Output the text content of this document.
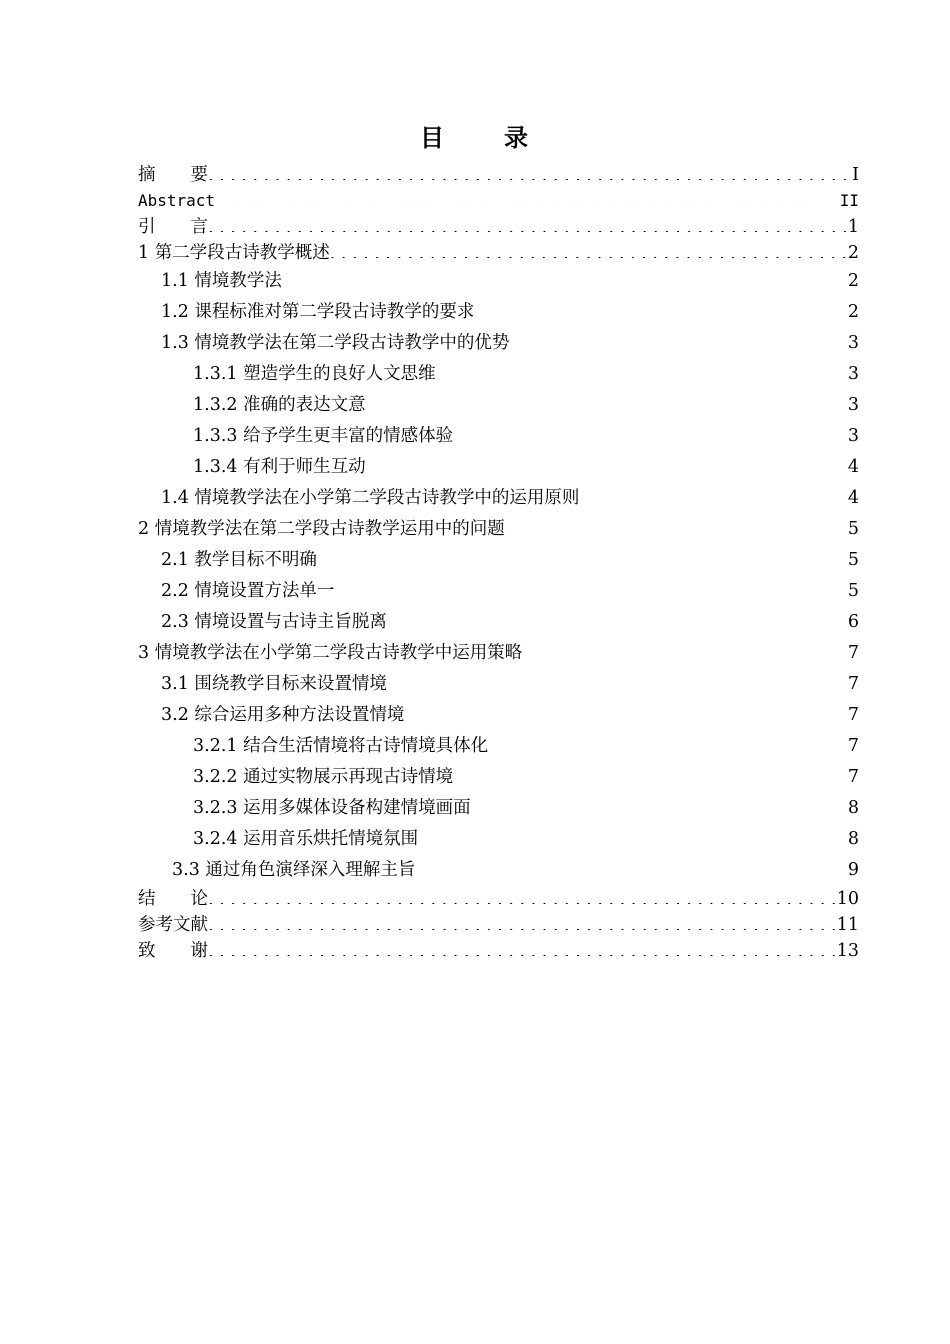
目 录
摘　　要 . . .	I
Abstract . . .	II
引　　言 . . .	1
1 第二学段古诗教学概述 . . .	2
1.1 情境教学法 . . .	2
1.2 课程标准对第二学段古诗教学的要求 . . .	2
1.3 情境教学法在第二学段古诗教学中的优势 . . .	3
1.3.1 塑造学生的良好人文思维 . . .	3
1.3.2 准确的表达文意 . . .	3
1.3.3 给予学生更丰富的情感体验 . . .	3
1.3.4 有利于师生互动 . . .	4
1.4 情境教学法在小学第二学段古诗教学中的运用原则 . . .	4
2 情境教学法在第二学段古诗教学运用中的问题 . . .	5
2.1 教学目标不明确 . . .	5
2.2 情境设置方法单一 . . .	5
2.3 情境设置与古诗主旨脱离 . . .	6
3 情境教学法在小学第二学段古诗教学中运用策略 . . .	7
3.1 围绕教学目标来设置情境 . . .	7
3.2 综合运用多种方法设置情境 . . .	7
3.2.1 结合生活情境将古诗情境具体化 . . .	7
3.2.2 通过实物展示再现古诗情境 . . .	7
3.2.3 运用多媒体设备构建情境画面 . . .	8
3.2.4 运用音乐烘托情境氛围 . . .	8
3.3 通过角色演绎深入理解主旨 . . .	9
结　　论 . . .	10
参考文献 . . .	11
致　　谢 . . .	13
